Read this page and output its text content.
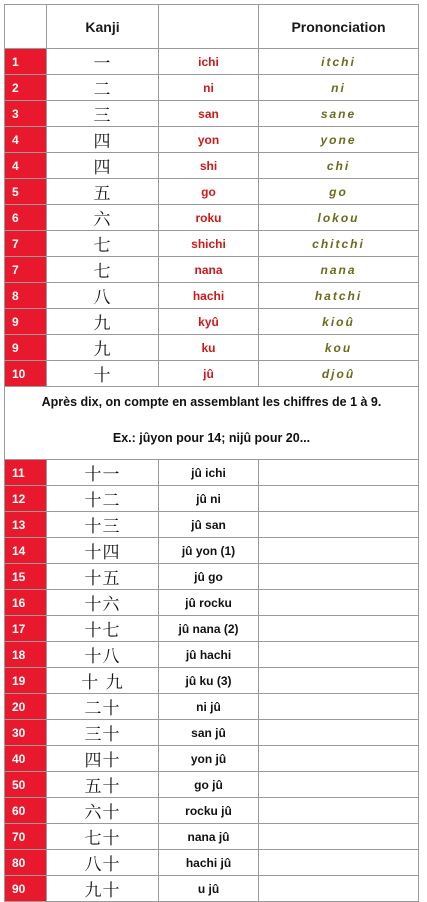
	Kanji		Prononciation
1	一	ichi	itchi
2	二	ni	ni
3	三	san	sane
4	四	yon	yone
4	四	shi	chi
5	五	go	go
6	六	roku	lokou
7	七	shichi	chitchi
7	七	nana	nana
8	八	hachi	hatchi
9	九	kyû	kioû
9	九	ku	kou
10	十	jû	djoû
Après dix, on compte en assemblant les chiffres de 1 à 9.			
Ex.: jûyon pour 14; nijû pour 20...			
11	十一	jû ichi	
12	十二	jû ni	
13	十三	jû san	
14	十四	jû yon (1)	
15	十五	jû go	
16	十六	jû rocku	
17	十七	jû nana (2)	
18	十八	jû hachi	
19	十 九	jû ku (3)	
20	二十	ni jû	
30	三十	san jû	
40	四十	yon jû	
50	五十	go jû	
60	六十	rocku jû	
70	七十	nana jû	
80	八十	hachi jû	
90	九十	u jû	
